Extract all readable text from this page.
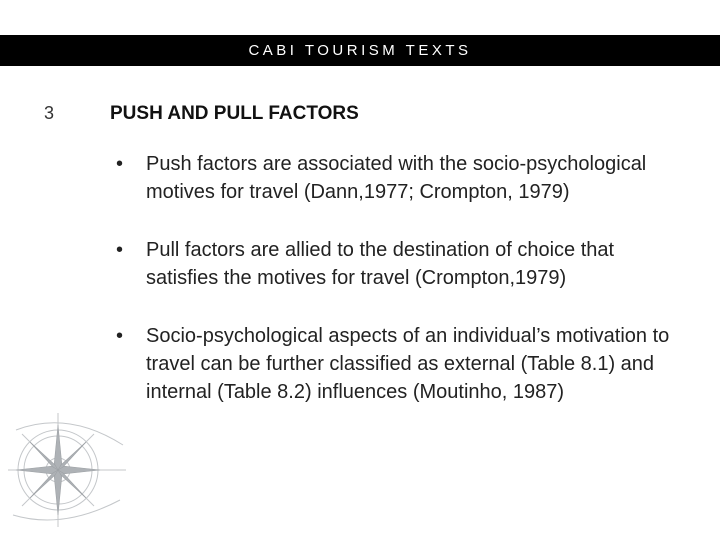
CABI TOURISM TEXTS
3	PUSH AND PULL FACTORS
• Push factors are associated with the socio-psychological motives for travel (Dann,1977; Crompton, 1979)
• Pull factors are allied to the destination of choice that satisfies the motives for travel (Crompton,1979)
• Socio-psychological aspects of an individual’s motivation to travel can be further classified as external (Table 8.1) and internal (Table 8.2) influences (Moutinho, 1987)
